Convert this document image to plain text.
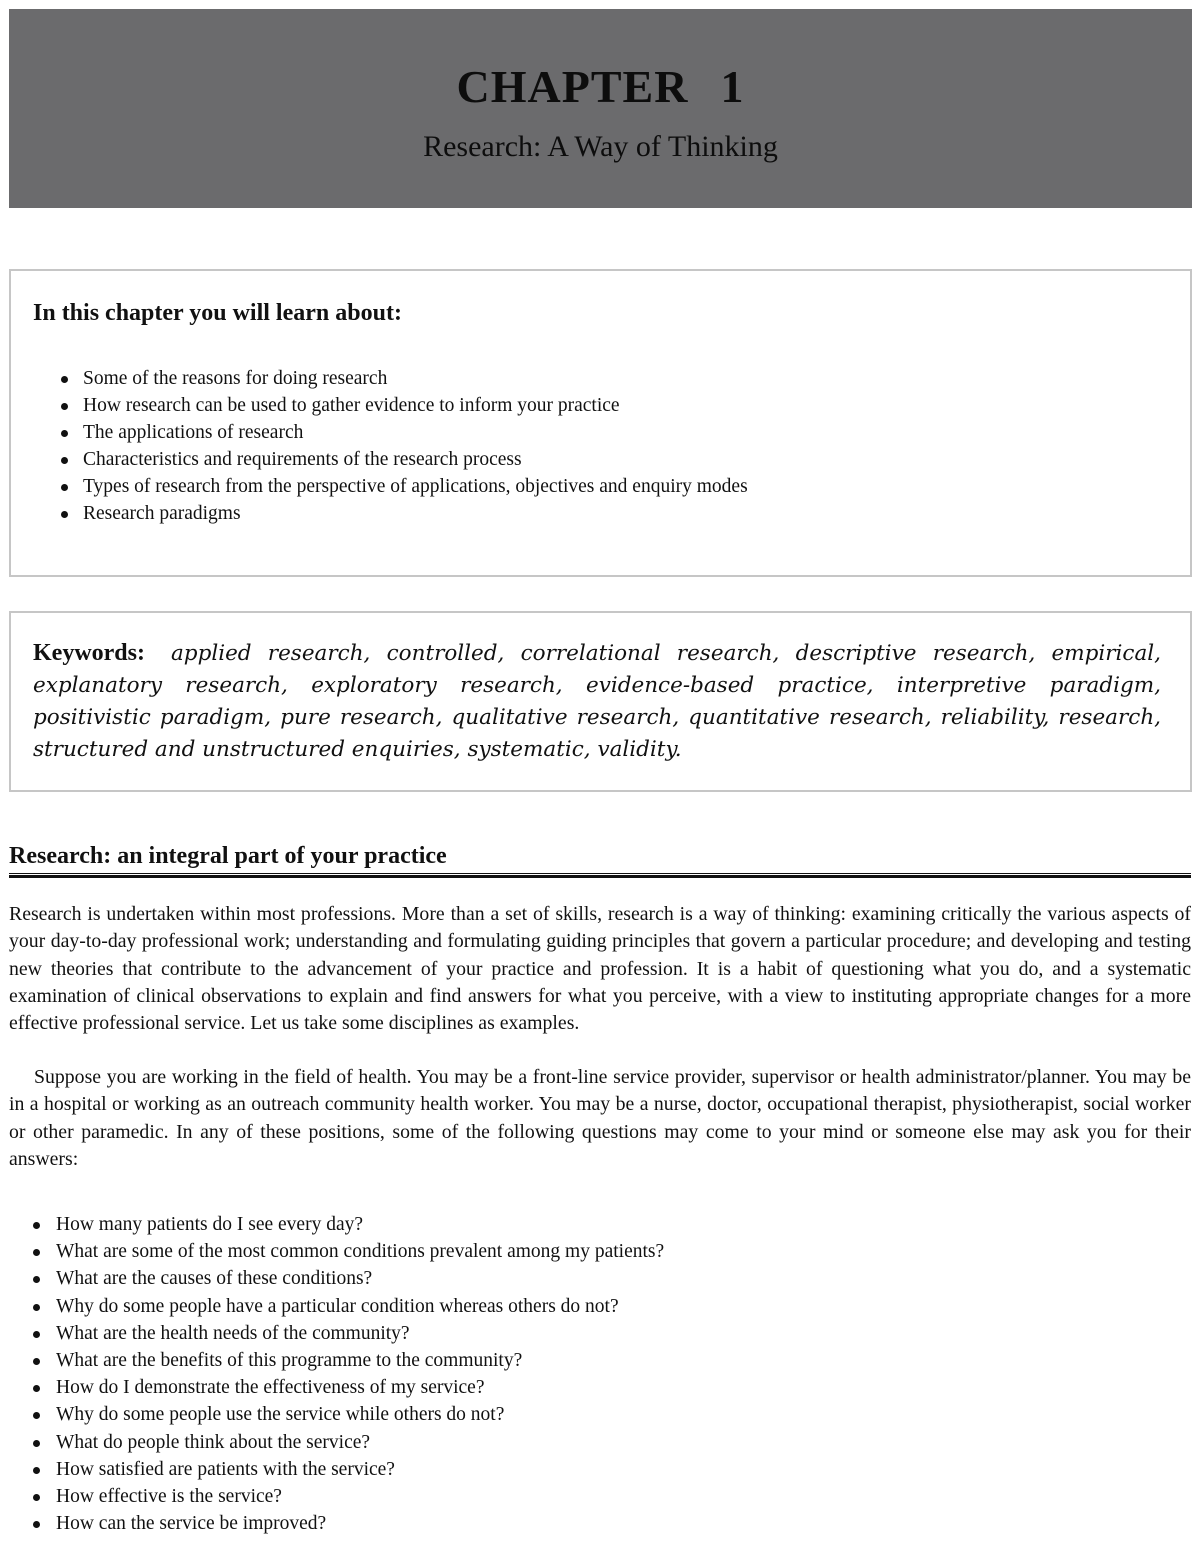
CHAPTER 1
Research: A Way of Thinking
In this chapter you will learn about:
Some of the reasons for doing research
How research can be used to gather evidence to inform your practice
The applications of research
Characteristics and requirements of the research process
Types of research from the perspective of applications, objectives and enquiry modes
Research paradigms
Keywords: applied research, controlled, correlational research, descriptive research, empirical, explanatory research, exploratory research, evidence-based practice, interpretive paradigm, positivistic paradigm, pure research, qualitative research, quantitative research, reliability, research, structured and unstructured enquiries, systematic, validity.
Research: an integral part of your practice

Research is undertaken within most professions. More than a set of skills, research is a way of thinking: examining critically the various aspects of your day-to-day professional work; understanding and formulating guiding principles that govern a particular procedure; and developing and testing new theories that contribute to the advancement of your practice and profession. It is a habit of questioning what you do, and a systematic examination of clinical observations to explain and find answers for what you perceive, with a view to instituting appropriate changes for a more effective professional service. Let us take some disciplines as examples.

Suppose you are working in the field of health. You may be a front-line service provider, supervisor or health administrator/planner. You may be in a hospital or working as an outreach community health worker. You may be a nurse, doctor, occupational therapist, physiotherapist, social worker or other paramedic. In any of these positions, some of the following questions may come to your mind or someone else may ask you for their answers:

How many patients do I see every day?
What are some of the most common conditions prevalent among my patients?
What are the causes of these conditions?
Why do some people have a particular condition whereas others do not?
What are the health needs of the community?
What are the benefits of this programme to the community?
How do I demonstrate the effectiveness of my service?
Why do some people use the service while others do not?
What do people think about the service?
How satisfied are patients with the service?
How effective is the service?
How can the service be improved?
